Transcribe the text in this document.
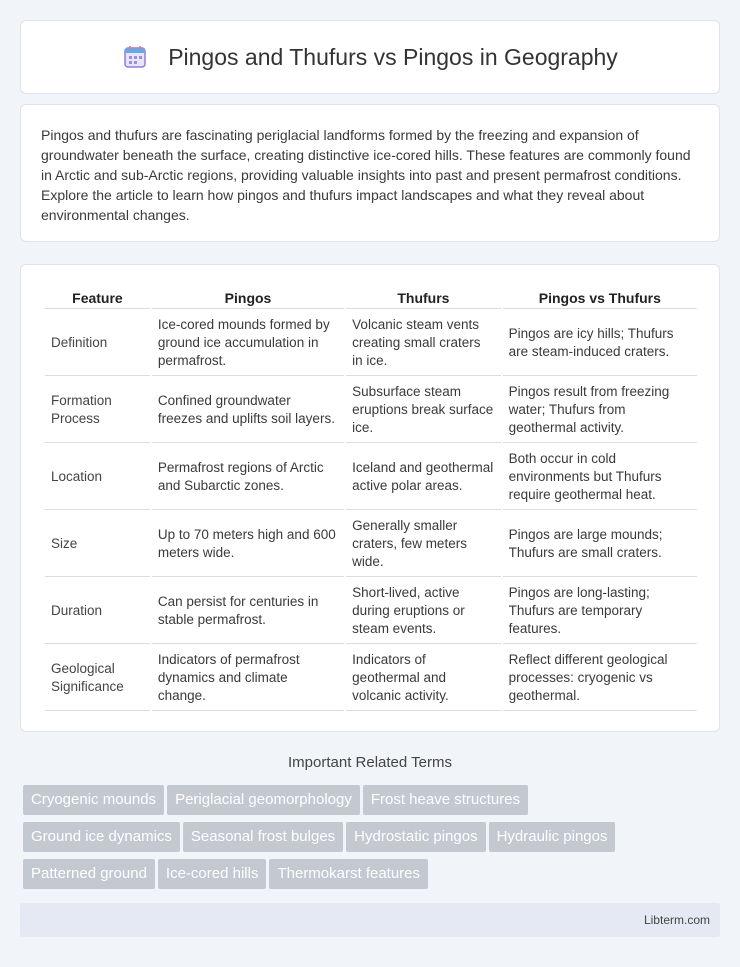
Pingos and Thufurs vs Pingos in Geography

Pingos and thufurs are fascinating periglacial landforms formed by the freezing and expansion of groundwater beneath the surface, creating distinctive ice-cored hills. These features are commonly found in Arctic and sub-Arctic regions, providing valuable insights into past and present permafrost conditions. Explore the article to learn how pingos and thufurs impact landscapes and what they reveal about environmental changes.

Feature	Pingos	Thufurs	Pingos vs Thufurs
Definition	Ice-cored mounds formed by ground ice accumulation in permafrost.	Volcanic steam vents creating small craters in ice.	Pingos are icy hills; Thufurs are steam-induced craters.
Formation Process	Confined groundwater freezes and uplifts soil layers.	Subsurface steam eruptions break surface ice.	Pingos result from freezing water; Thufurs from geothermal activity.
Location	Permafrost regions of Arctic and Subarctic zones.	Iceland and geothermal active polar areas.	Both occur in cold environments but Thufurs require geothermal heat.
Size	Up to 70 meters high and 600 meters wide.	Generally smaller craters, few meters wide.	Pingos are large mounds; Thufurs are small craters.
Duration	Can persist for centuries in stable permafrost.	Short-lived, active during eruptions or steam events.	Pingos are long-lasting; Thufurs are temporary features.
Geological Significance	Indicators of permafrost dynamics and climate change.	Indicators of geothermal and volcanic activity.	Reflect different geological processes: cryogenic vs geothermal.
Important Related Terms
Cryogenic mounds Periglacial geomorphology Frost heave structures
Ground ice dynamics Seasonal frost bulges Hydrostatic pingos Hydraulic pingos
Patterned ground Ice-cored hills Thermokarst features
Libterm.com
